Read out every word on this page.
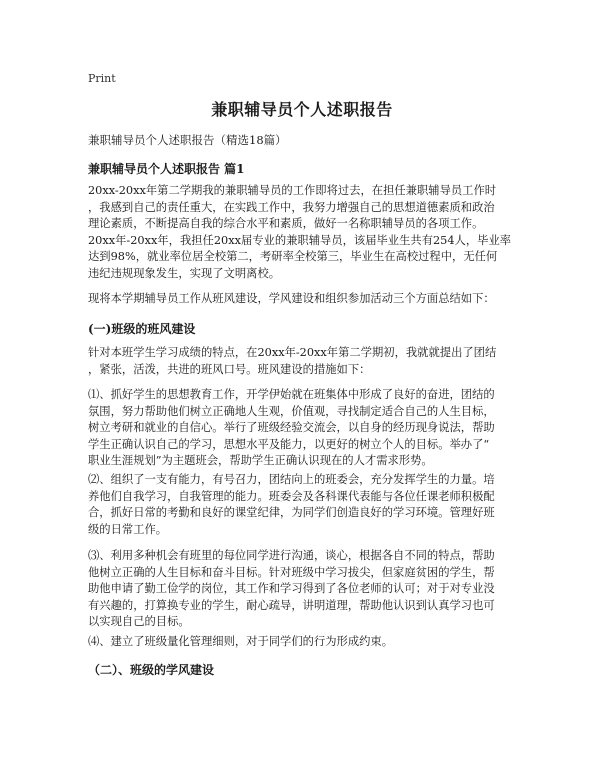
Print
兼职辅导员个人述职报告
兼职辅导员个人述职报告（精选18篇）
兼职辅导员个人述职报告 篇1
20xx-20xx年第二学期我的兼职辅导员的工作即将过去，在担任兼职辅导员工作时
，我感到自己的责任重大，在实践工作中，我努力增强自己的思想道德素质和政治
理论素质，不断提高自我的综合水平和素质，做好一名称职辅导员的各项工作。
20xx年-20xx年，我担任20xx届专业的兼职辅导员，该届毕业生共有254人，毕业率
达到98%，就业率位居全校第二，考研率全校第三，毕业生在高校过程中，无任何
违纪违规现象发生，实现了文明离校。
现将本学期辅导员工作从班风建设，学风建设和组织参加活动三个方面总结如下：
(一)班级的班风建设
针对本班学生学习成绩的特点，在20xx年-20xx年第二学期初，我就就提出了团结
，紧张，活泼，共进的班风口号。班风建设的措施如下：
⑴、抓好学生的思想教育工作，开学伊始就在班集体中形成了良好的奋进，团结的
氛围，努力帮助他们树立正确地人生观，价值观，寻找制定适合自己的人生目标，
树立考研和就业的自信心。举行了班级经验交流会，以自身的经历现身说法，帮助
学生正确认识自己的学习，思想水平及能力，以更好的树立个人的目标。举办了“
职业生涯规划”为主题班会，帮助学生正确认识现在的人才需求形势。
⑵、组织了一支有能力，有号召力，团结向上的班委会，充分发挥学生的力量。培
养他们自我学习，自我管理的能力。班委会及各科课代表能与各位任课老师积极配
合，抓好日常的考勤和良好的课堂纪律，为同学们创造良好的学习环境。管理好班
级的日常工作。
⑶、利用多种机会有班里的每位同学进行沟通，谈心，根据各自不同的特点，帮助
他树立正确的人生目标和奋斗目标。针对班级中学习拔尖，但家庭贫困的学生，帮
助他申请了勤工俭学的岗位，其工作和学习得到了各位老师的认可；对于对专业没
有兴趣的，打算换专业的学生，耐心疏导，讲明道理，帮助他认识到认真学习也可
以实现自己的目标。
⑷、建立了班级量化管理细则，对于同学们的行为形成约束。
（二）、班级的学风建设
